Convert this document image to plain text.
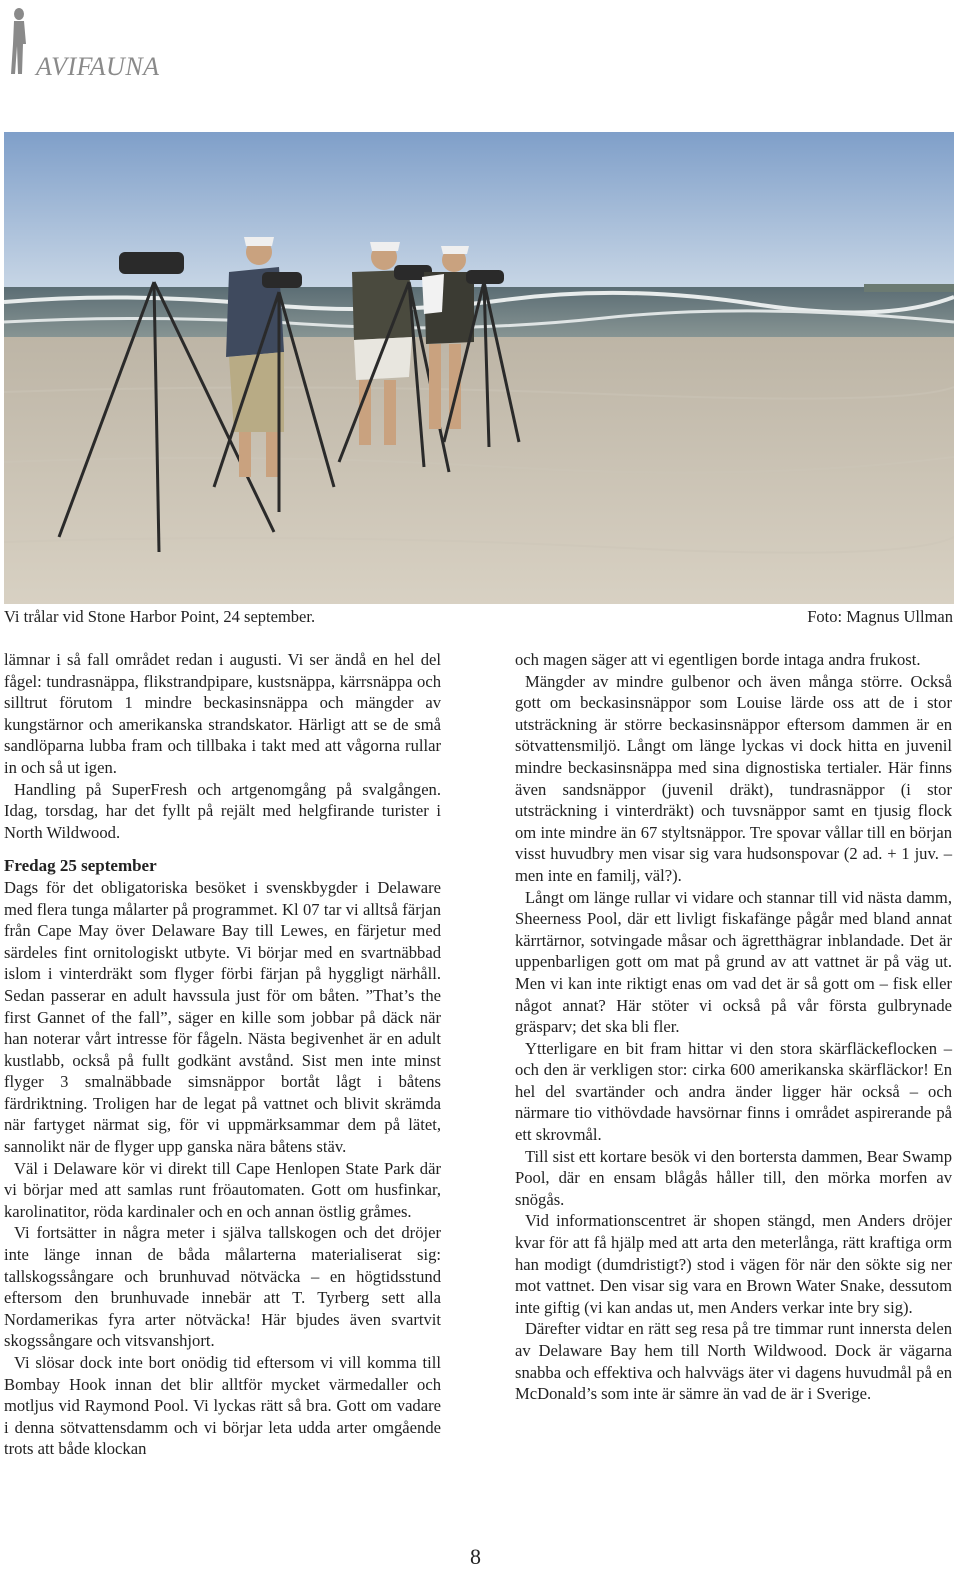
AVIFAUNA
Vi trålar vid Stone Harbor Point, 24 september.	Foto: Magnus Ullman

lämnar i så fall området redan i augusti. Vi ser ändå en hel del fågel: tundrasnäppa, flikstrandpipare, kustsnäppa, kärrsnäppa och silltrut förutom 1 mindre beckasinsnäppa och mängder av kungstärnor och amerikanska strandskator. Härligt att se de små sandlöparna lubba fram och tillbaka i takt med att vågorna rullar in och så ut igen.

Handling på SuperFresh och artgenomgång på svalgången. Idag, torsdag, har det fyllt på rejält med helgfirande turister i North Wildwood.

Fredag 25 september

Dags för det obligatoriska besöket i svenskbygder i Delaware med flera tunga målarter på programmet. Kl 07 tar vi alltså färjan från Cape May över Delaware Bay till Lewes, en färjetur med särdeles fint ornitologiskt utbyte. Vi börjar med en svartnäbbad islom i vinterdräkt som flyger förbi färjan på hyggligt närhåll. Sedan passerar en adult havssula just för om båten. ”That’s the first Gannet of the fall”, säger en kille som jobbar på däck när han noterar vårt intresse för fågeln. Nästa begivenhet är en adult kustlabb, också på fullt godkänt avstånd. Sist men inte minst flyger 3 smalnäbbade simsnäppor bortåt lågt i båtens färdriktning. Troligen har de legat på vattnet och blivit skrämda när fartyget närmat sig, för vi uppmärksammar dem på lätet, sannolikt när de flyger upp ganska nära båtens stäv.

Väl i Delaware kör vi direkt till Cape Henlopen State Park där vi börjar med att samlas runt fröautomaten. Gott om husfinkar, karolinatitor, röda kardinaler och en och annan östlig gråmes.

Vi fortsätter in några meter i själva tallskogen och det dröjer inte länge innan de båda målarterna materialiserat sig: tallskogssångare och brunhuvad nötväcka – en högtidsstund eftersom den brunhuvade innebär att T. Tyrberg sett alla Nordamerikas fyra arter nötväcka! Här bjudes även svartvit skogssångare och vitsvanshjort.

Vi slösar dock inte bort onödig tid eftersom vi vill komma till Bombay Hook innan det blir alltför mycket värmedaller och motljus vid Raymond Pool. Vi lyckas rätt så bra. Gott om vadare i denna sötvattensdamm och vi börjar leta udda arter omgående trots att både klockan

och magen säger att vi egentligen borde intaga andra frukost.

Mängder av mindre gulbenor och även många större. Också gott om beckasinsnäppor som Louise lärde oss att de i stor utsträckning är större beckasinsnäppor eftersom dammen är en sötvattensmiljö. Långt om länge lyckas vi dock hitta en juvenil mindre beckasinsnäppa med sina dignostiska tertialer. Här finns även sandsnäppor (juvenil dräkt), tundrasnäppor (i stor utsträckning i vinterdräkt) och tuvsnäppor samt en tjusig flock om inte mindre än 67 styltsnäppor. Tre spovar vållar till en början visst huvudbry men visar sig vara hudsonspovar (2 ad. + 1 juv. – men inte en familj, väl?).

Långt om länge rullar vi vidare och stannar till vid nästa damm, Sheerness Pool, där ett livligt fiskafänge pågår med bland annat kärrtärnor, sotvingade måsar och ägretthägrar inblandade. Det är uppenbarligen gott om mat på grund av att vattnet är på väg ut. Men vi kan inte riktigt enas om vad det är så gott om – fisk eller något annat? Här stöter vi också på vår första gulbrynade gräsparv; det ska bli fler.

Ytterligare en bit fram hittar vi den stora skärfläckeflocken – och den är verkligen stor: cirka 600 amerikanska skärfläckor! En hel del svartänder och andra änder ligger här också – och närmare tio vithövdade havsörnar finns i området aspirerande på ett skrovmål.

Till sist ett kortare besök vi den bortersta dammen, Bear Swamp Pool, där en ensam blågås håller till, den mörka morfen av snögås.

Vid informationscentret är shopen stängd, men Anders dröjer kvar för att få hjälp med att arta den meterlånga, rätt kraftiga orm han modigt (dumdristigt?) stod i vägen för när den sökte sig ner mot vattnet. Den visar sig vara en Brown Water Snake, dessutom inte giftig (vi kan andas ut, men Anders verkar inte bry sig).

Därefter vidtar en rätt seg resa på tre timmar runt innersta delen av Delaware Bay hem till North Wildwood. Dock är vägarna snabba och effektiva och halvvägs äter vi dagens huvudmål på en McDonald’s som inte är sämre än vad de är i Sverige.

8
